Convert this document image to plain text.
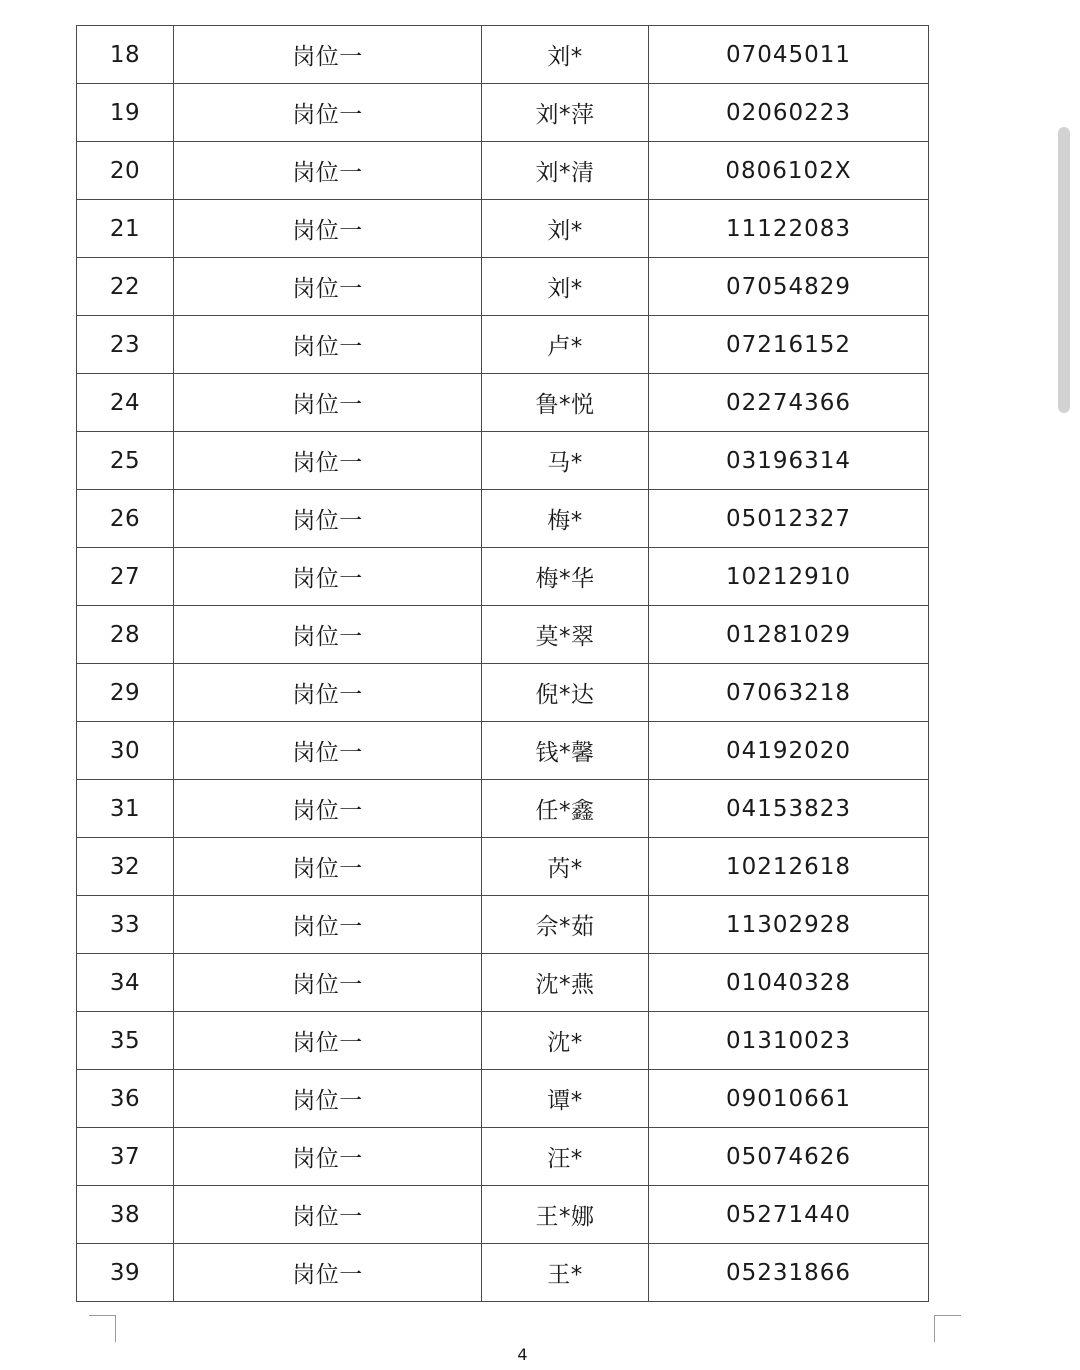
18	岗位一	刘*	07045011
19	岗位一	刘*萍	02060223
20	岗位一	刘*清	0806102X
21	岗位一	刘*	11122083
22	岗位一	刘*	07054829
23	岗位一	卢*	07216152
24	岗位一	鲁*悦	02274366
25	岗位一	马*	03196314
26	岗位一	梅*	05012327
27	岗位一	梅*华	10212910
28	岗位一	莫*翠	01281029
29	岗位一	倪*达	07063218
30	岗位一	钱*馨	04192020
31	岗位一	任*鑫	04153823
32	岗位一	芮*	10212618
33	岗位一	佘*茹	11302928
34	岗位一	沈*燕	01040328
35	岗位一	沈*	01310023
36	岗位一	谭*	09010661
37	岗位一	汪*	05074626
38	岗位一	王*娜	05271440
39	岗位一	王*	05231866
4
